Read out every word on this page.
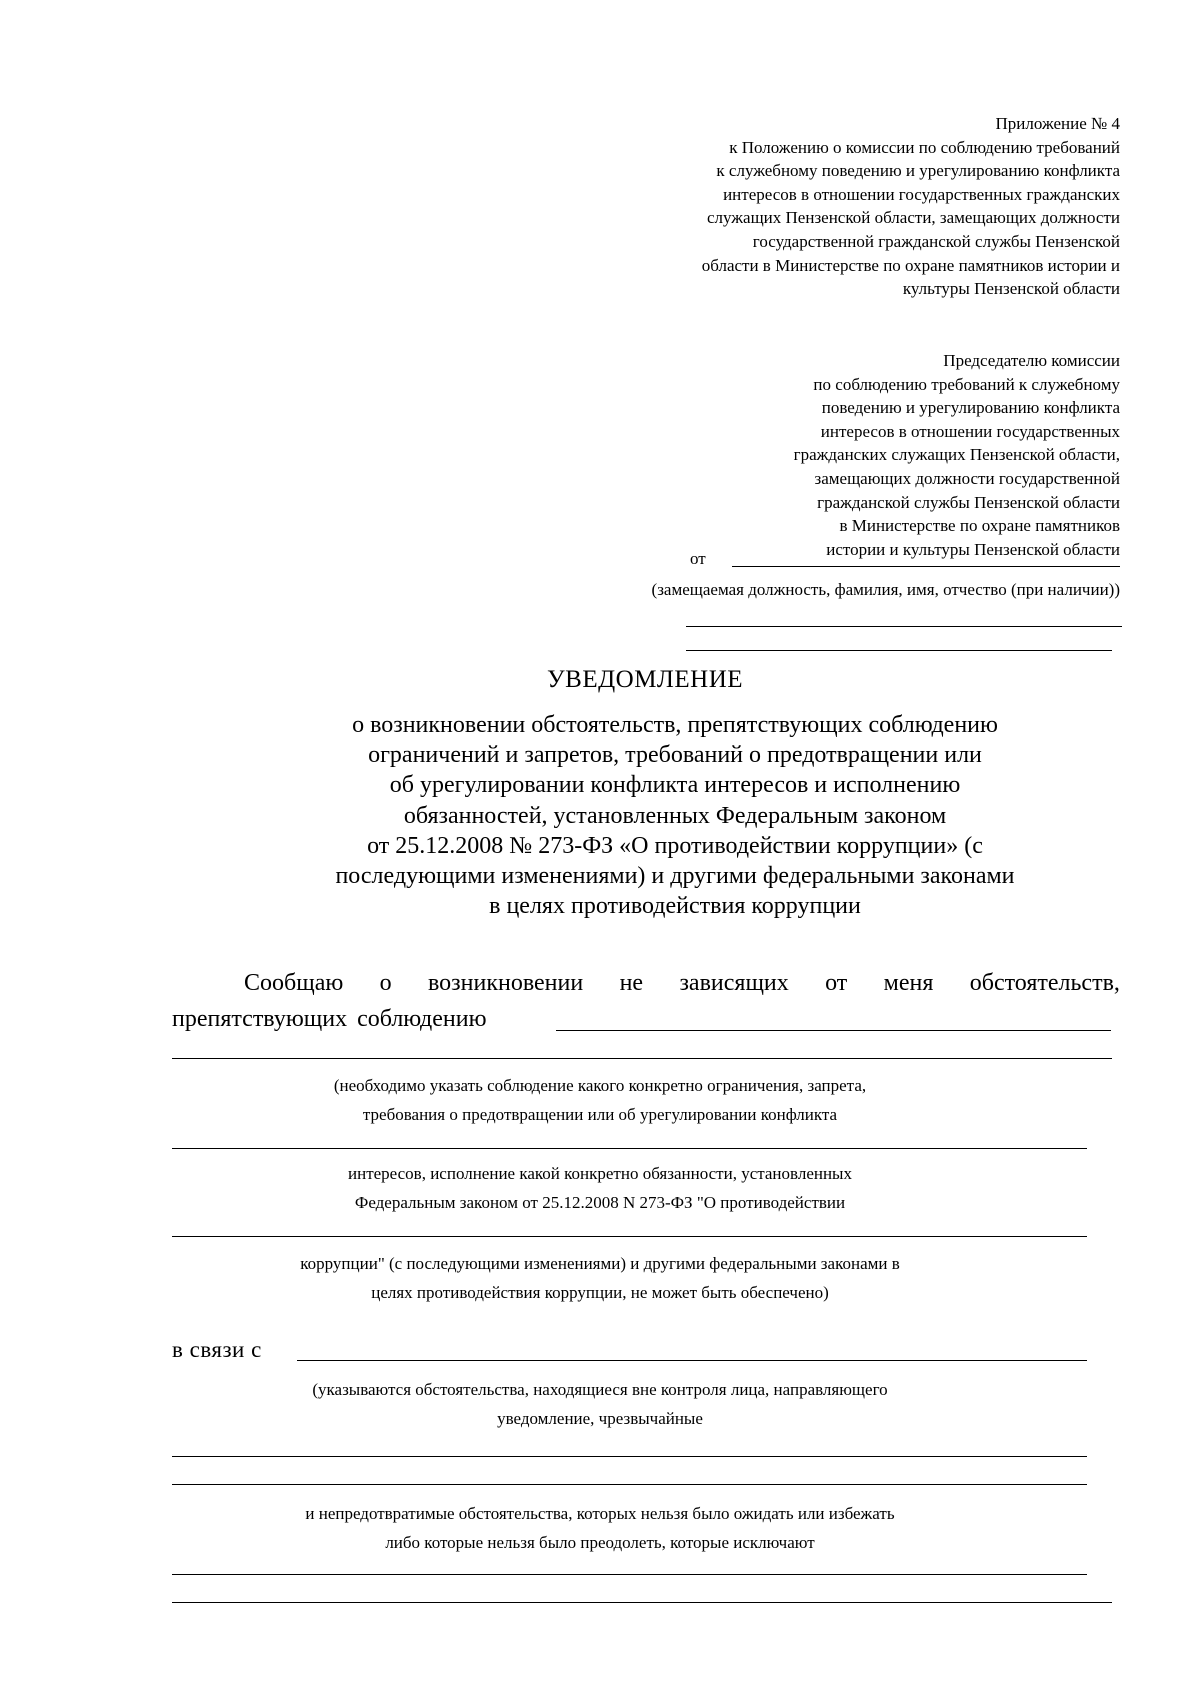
Приложение № 4
к Положению о комиссии по соблюдению требований
к служебному поведению и урегулированию конфликта
интересов в отношении государственных гражданских
служащих Пензенской области, замещающих должности
государственной гражданской службы Пензенской
области в Министерстве по охране памятников истории и
культуры Пензенской области
Председателю комиссии
по соблюдению требований к служебному
поведению и урегулированию конфликта
интересов в отношении государственных
гражданских служащих Пензенской области,
замещающих должности государственной
гражданской службы Пензенской области
в Министерстве по охране памятников
истории и культуры Пензенской области
от
(замещаемая должность, фамилия, имя, отчество (при наличии))
УВЕДОМЛЕНИЕ
о возникновении обстоятельств, препятствующих соблюдению
ограничений и запретов, требований о предотвращении или
об урегулировании конфликта интересов и исполнению
обязанностей, установленных Федеральным законом
от 25.12.2008 № 273-ФЗ «О противодействии коррупции» (с
последующими изменениями) и другими федеральными законами
в целях противодействия коррупции
Сообщаю о возникновении не зависящих от меня обстоятельств,
препятствующих соблюдению
(необходимо указать соблюдение какого конкретно ограничения, запрета,
требования о предотвращении или об урегулировании конфликта
интересов, исполнение какой конкретно обязанности, установленных
Федеральным законом от 25.12.2008 N 273-ФЗ "О противодействии
коррупции" (с последующими изменениями) и другими федеральными законами в
целях противодействия коррупции, не может быть обеспечено)
в связи с
(указываются обстоятельства, находящиеся вне контроля лица, направляющего
уведомление, чрезвычайные
и непредотвратимые обстоятельства, которых нельзя было ожидать или избежать
либо которые нельзя было преодолеть, которые исключают
